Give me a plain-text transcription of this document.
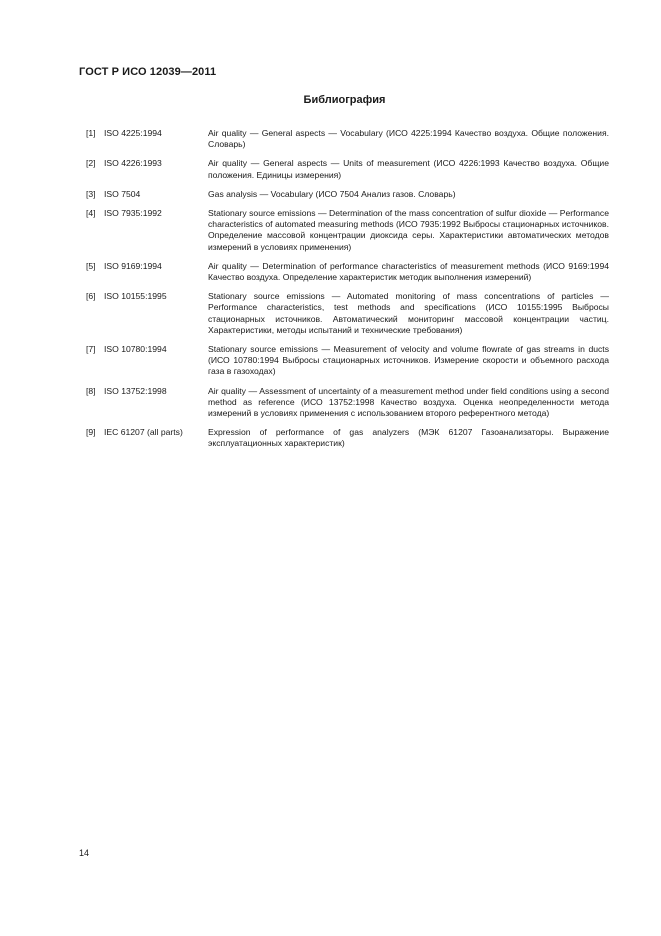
ГОСТ Р ИСО 12039—2011
Библиография
[1] ISO 4225:1994	Air quality — General aspects — Vocabulary (ИСО 4225:1994 Качество воздуха. Общие положения. Словарь)
[2] ISO 4226:1993	Air quality — General aspects — Units of measurement (ИСО 4226:1993 Качество воздуха. Общие положения. Единицы измерения)
[3] ISO 7504	Gas analysis — Vocabulary (ИСО 7504 Анализ газов. Словарь)
[4] ISO 7935:1992	Stationary source emissions — Determination of the mass concentration of sulfur dioxide — Performance characteristics of automated measuring methods (ИСО 7935:1992 Выбросы стационарных источников. Определение массовой концентрации диоксида серы. Характеристики автоматических методов измерений в условиях применения)
[5] ISO 9169:1994	Air quality — Determination of performance characteristics of measurement methods (ИСО 9169:1994 Качество воздуха. Определение характеристик методик выполнения измерений)
[6] ISO 10155:1995	Stationary source emissions — Automated monitoring of mass concentrations of particles — Performance characteristics, test methods and specifications (ИСО 10155:1995 Выбросы стационарных источников. Автоматический мониторинг массовой концентрации частиц. Характеристики, методы испытаний и технические требования)
[7] ISO 10780:1994	Stationary source emissions — Measurement of velocity and volume flowrate of gas streams in ducts (ИСО 10780:1994 Выбросы стационарных источников. Измерение скорости и объемного расхода газа в газоходах)
[8] ISO 13752:1998	Air quality — Assessment of uncertainty of a measurement method under field conditions using a second method as reference (ИСО 13752:1998 Качество воздуха. Оценка неопределенности метода измерений в условиях применения с использованием второго референтного метода)
[9] IEC 61207 (all parts)	Expression of performance of gas analyzers (МЭК 61207 Газоанализаторы. Выражение эксплуатационных характеристик)
14
